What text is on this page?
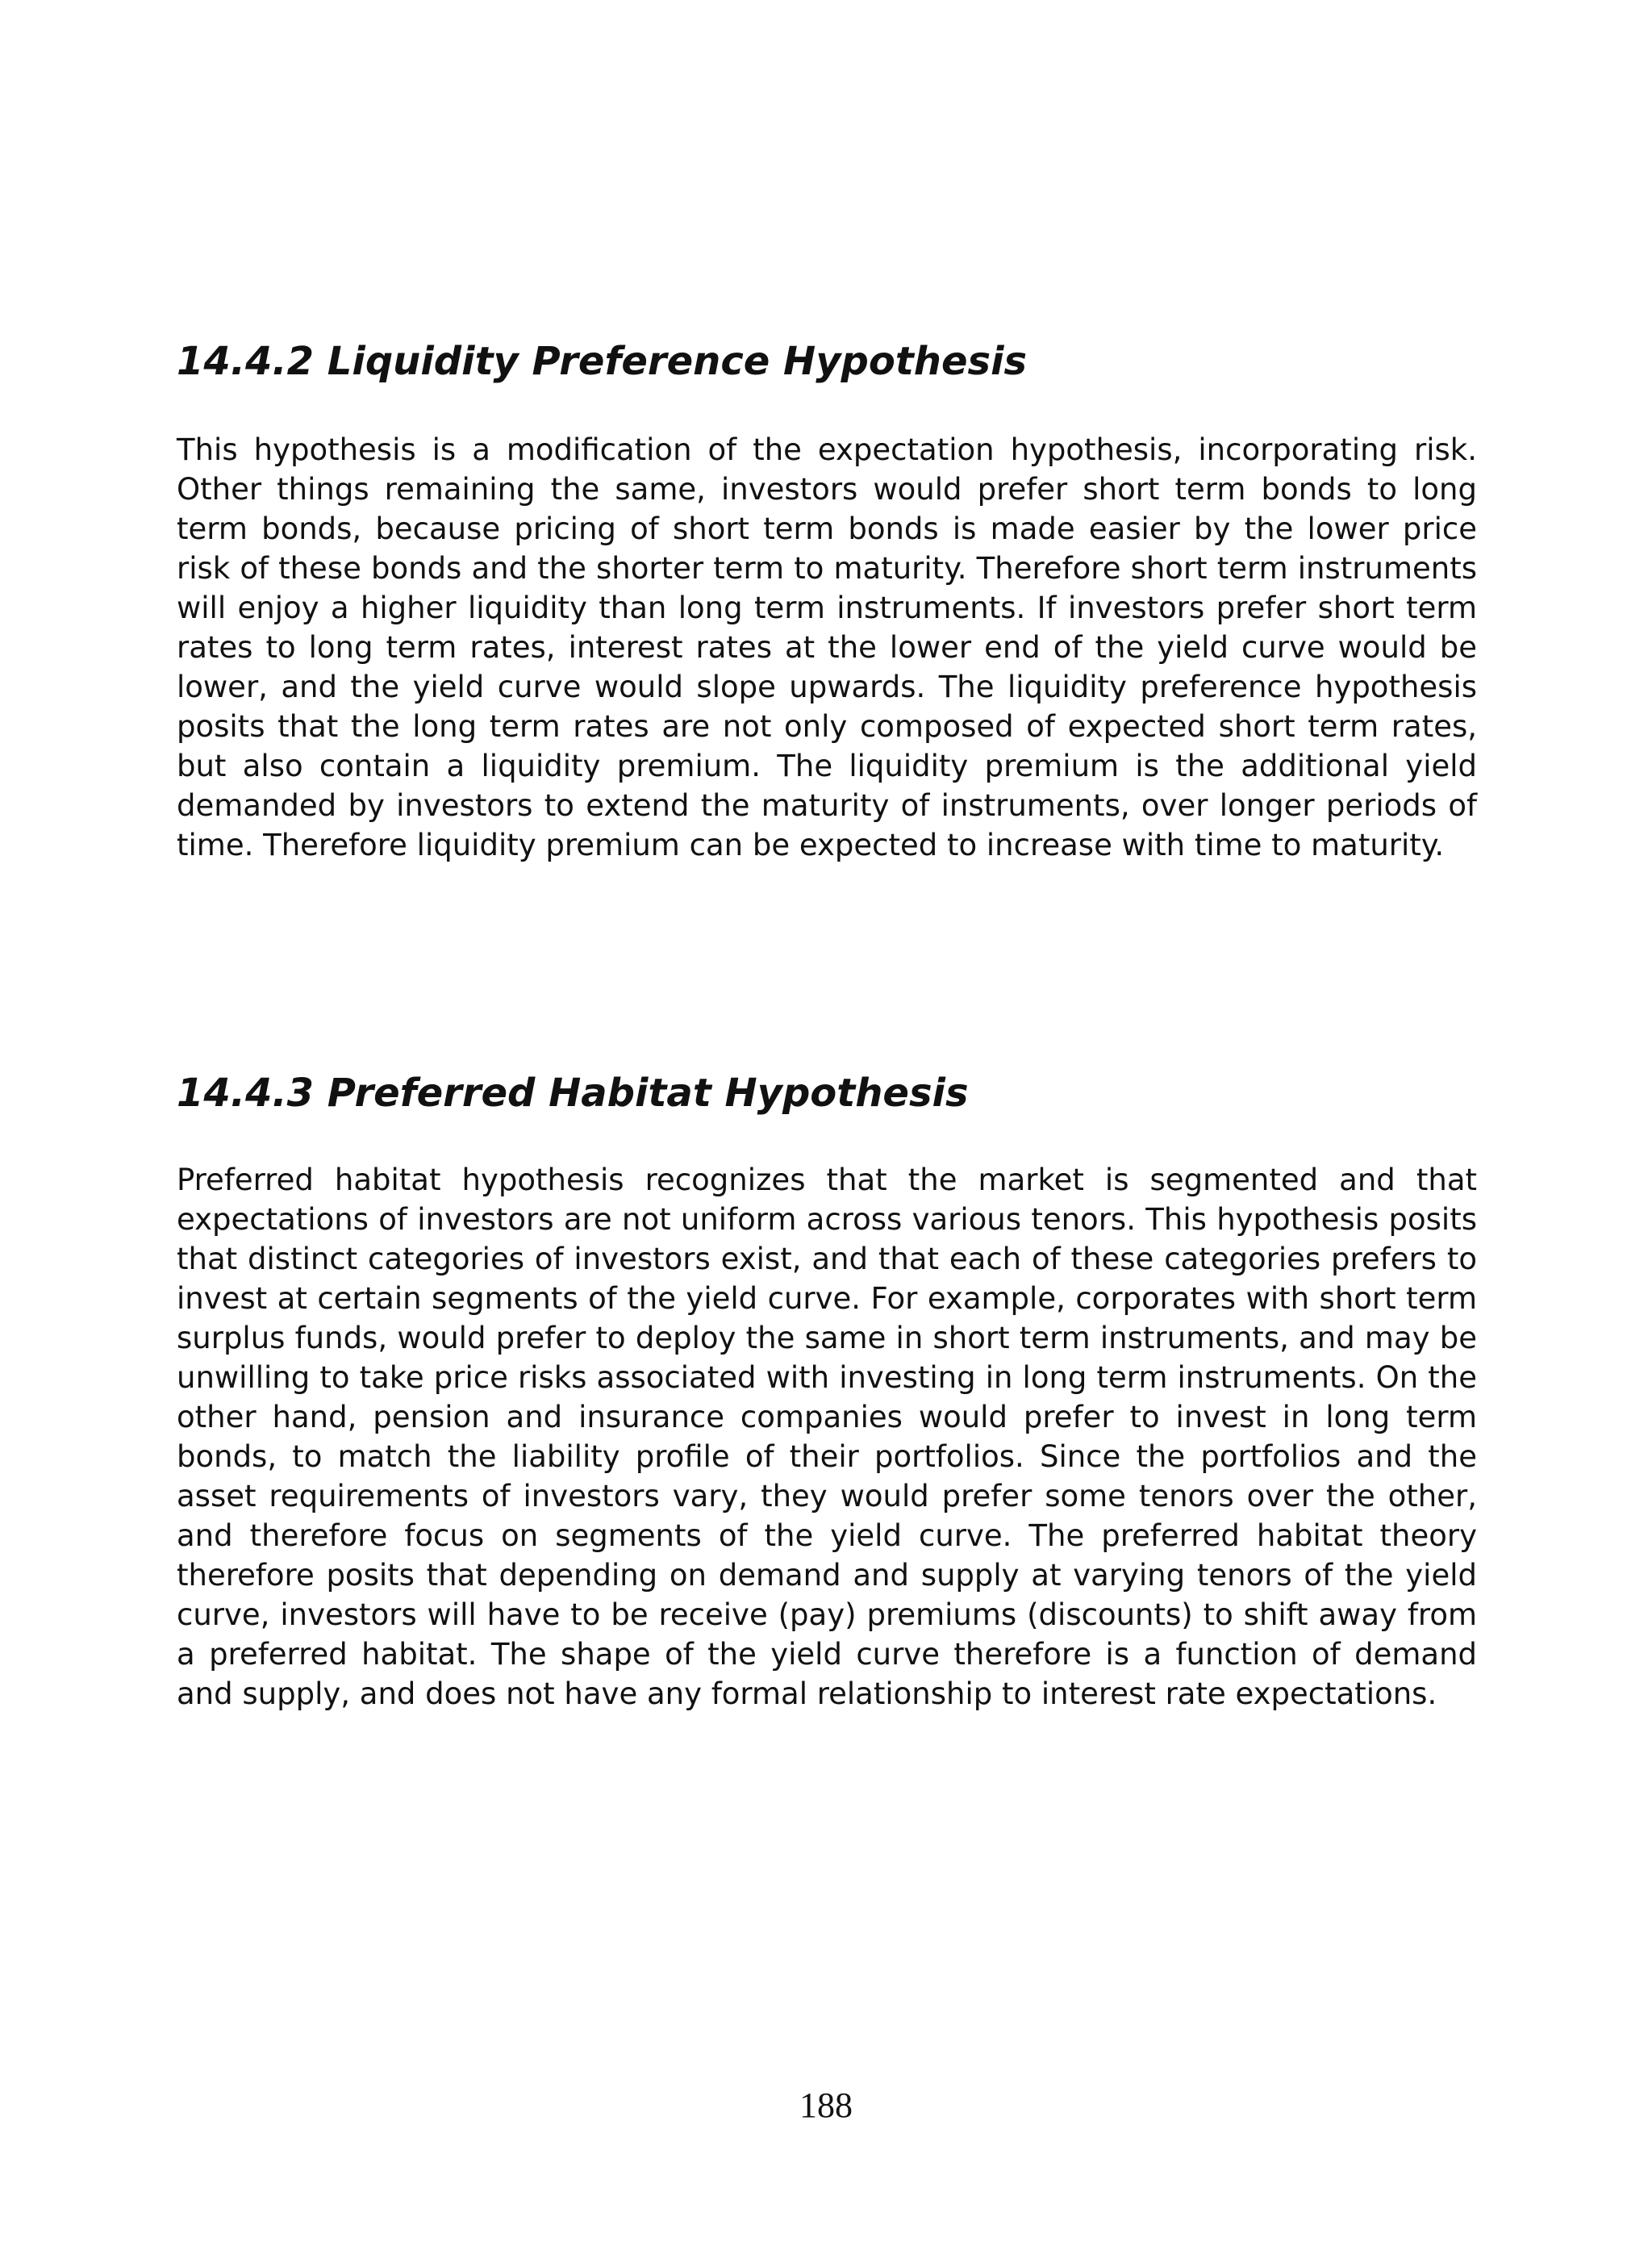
14.4.2 Liquidity Preference Hypothesis

This hypothesis is a modification of the expectation hypothesis, incorporating risk. Other things remaining the same, investors would prefer short term bonds to long term bonds, because pricing of short term bonds is made easier by the lower price risk of these bonds and the shorter term to maturity. Therefore short term instruments will enjoy a higher liquidity than long term instruments. If investors prefer short term rates to long term rates, interest rates at the lower end of the yield curve would be lower, and the yield curve would slope upwards. The liquidity preference hypothesis posits that the long term rates are not only composed of expected short term rates, but also contain a liquidity premium. The liquidity premium is the additional yield demanded by investors to extend the maturity of instruments, over longer periods of time. Therefore liquidity premium can be expected to increase with time to maturity.

14.4.3 Preferred Habitat Hypothesis

Preferred habitat hypothesis recognizes that the market is segmented and that expectations of investors are not uniform across various tenors. This hypothesis posits that distinct categories of investors exist, and that each of these categories prefers to invest at certain segments of the yield curve. For example, corporates with short term surplus funds, would prefer to deploy the same in short term instruments, and may be unwilling to take price risks associated with investing in long term instruments. On the other hand, pension and insurance companies would prefer to invest in long term bonds, to match the liability profile of their portfolios. Since the portfolios and the asset requirements of investors vary, they would prefer some tenors over the other, and therefore focus on segments of the yield curve. The preferred habitat theory therefore posits that depending on demand and supply at varying tenors of the yield curve, investors will have to be receive (pay) premiums (discounts) to shift away from a preferred habitat. The shape of the yield curve therefore is a function of demand and supply, and does not have any formal relationship to interest rate expectations.

188
